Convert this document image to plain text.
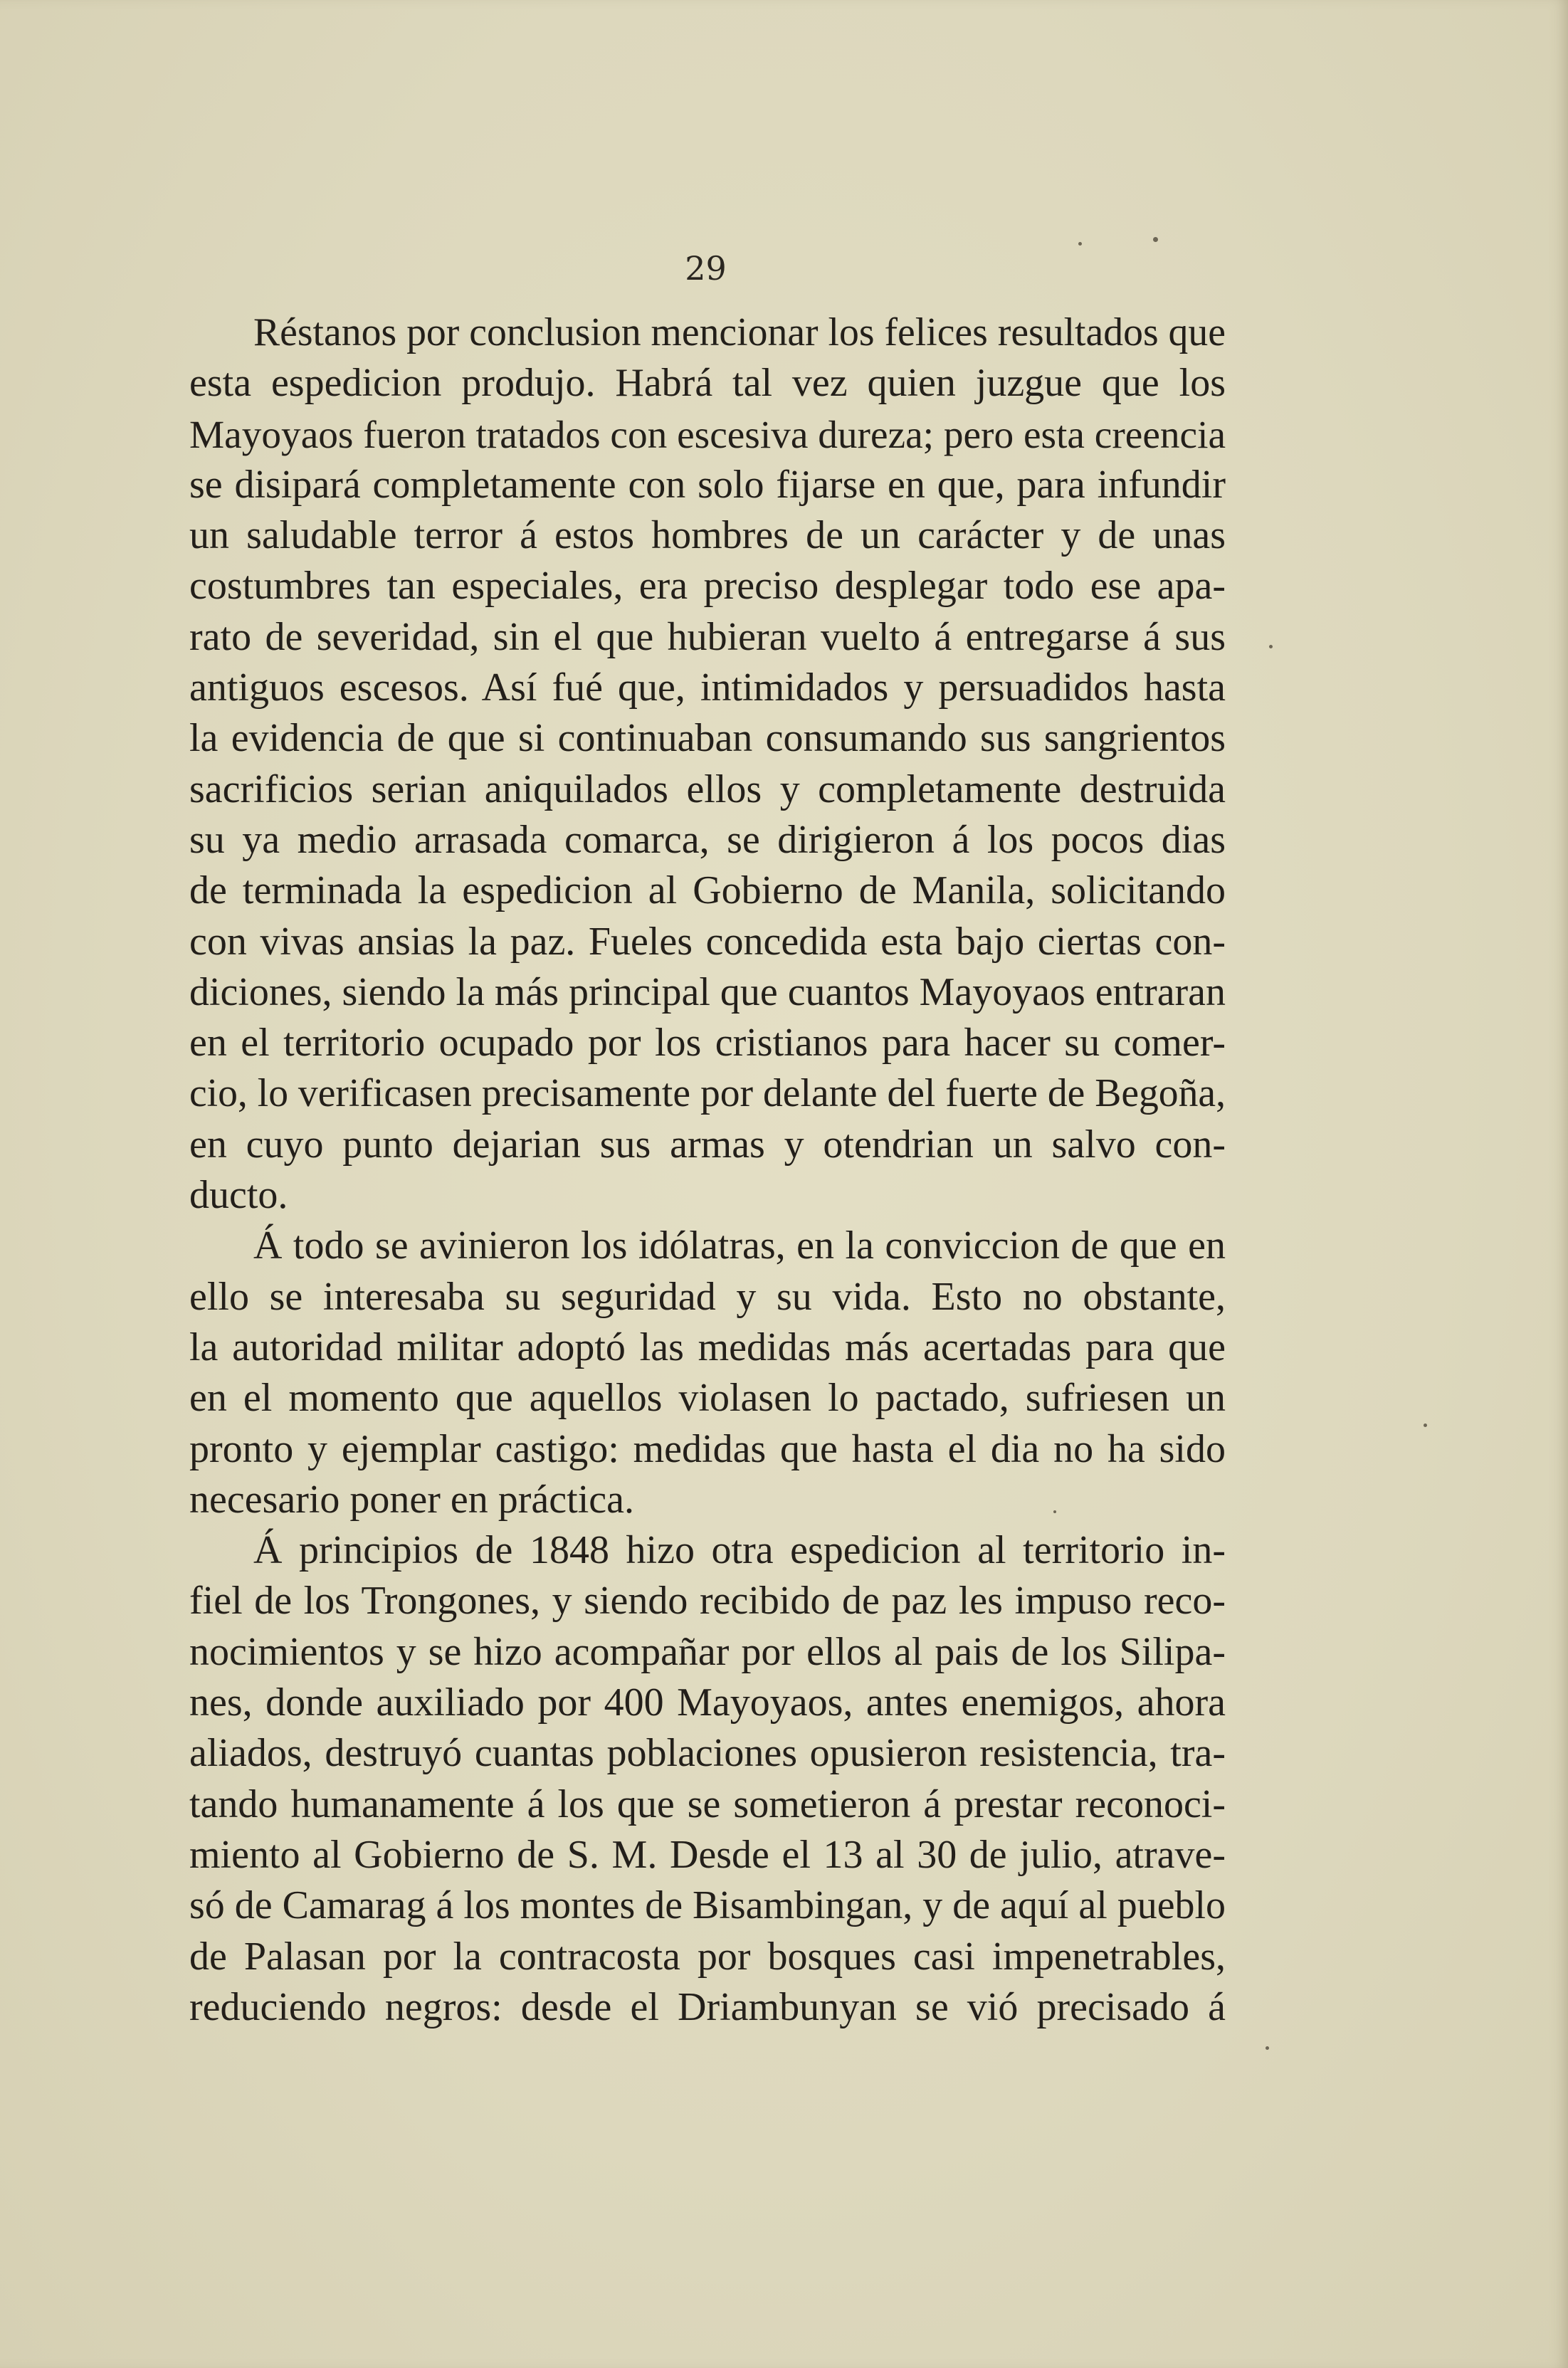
29
Réstanos por conclusion mencionar los felices resultados que
esta espedicion produjo. Habrá tal vez quien juzgue que los
Mayoyaos fueron tratados con escesiva dureza; pero esta creencia
se disipará completamente con solo fijarse en que, para infundir
un saludable terror á estos hombres de un carácter y de unas
costumbres tan especiales, era preciso desplegar todo ese apa-
rato de severidad, sin el que hubieran vuelto á entregarse á sus
antiguos escesos. Así fué que, intimidados y persuadidos hasta
la evidencia de que si continuaban consumando sus sangrientos
sacrificios serian aniquilados ellos y completamente destruida
su ya medio arrasada comarca, se dirigieron á los pocos dias
de terminada la espedicion al Gobierno de Manila, solicitando
con vivas ansias la paz. Fueles concedida esta bajo ciertas con-
diciones, siendo la más principal que cuantos Mayoyaos entraran
en el territorio ocupado por los cristianos para hacer su comer-
cio, lo verificasen precisamente por delante del fuerte de Begoña,
en cuyo punto dejarian sus armas y otendrian un salvo con-
ducto.
Á todo se avinieron los idólatras, en la conviccion de que en
ello se interesaba su seguridad y su vida. Esto no obstante,
la autoridad militar adoptó las medidas más acertadas para que
en el momento que aquellos violasen lo pactado, sufriesen un
pronto y ejemplar castigo: medidas que hasta el dia no ha sido
necesario poner en práctica.
Á principios de 1848 hizo otra espedicion al territorio in-
fiel de los Trongones, y siendo recibido de paz les impuso reco-
nocimientos y se hizo acompañar por ellos al pais de los Silipa-
nes, donde auxiliado por 400 Mayoyaos, antes enemigos, ahora
aliados, destruyó cuantas poblaciones opusieron resistencia, tra-
tando humanamente á los que se sometieron á prestar reconoci-
miento al Gobierno de S. M. Desde el 13 al 30 de julio, atrave-
só de Camarag á los montes de Bisambingan, y de aquí al pueblo
de Palasan por la contracosta por bosques casi impenetrables,
reduciendo negros: desde el Driambunyan se vió precisado á
